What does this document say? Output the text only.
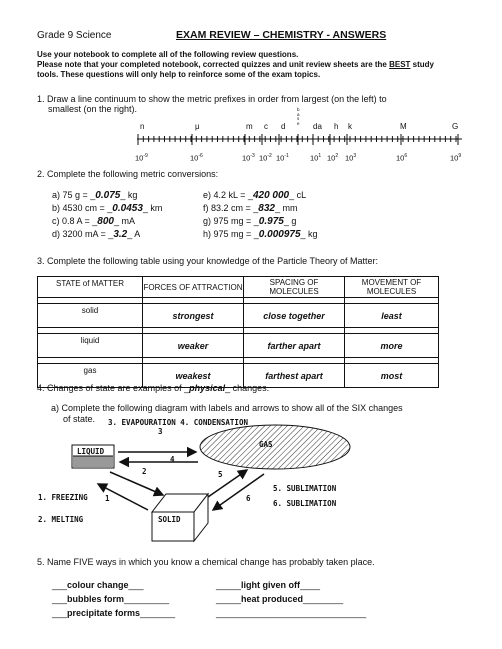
Grade 9 Science	EXAM REVIEW – CHEMISTRY - ANSWERS
Use your notebook to complete all of the following review questions.
Please note that your completed notebook, corrected quizzes and unit review sheets are the BEST study
tools. These questions will only help to reinforce some of the exam topics.
1. Draw a line continuum to show the metric prefixes in order from largest (on the left) to
smallest (on the right).
n	μ	m c d
base da h k	M	G
$10^{-9}$	$10^{-6}$	$10^{-3}$ $10^{-2}$ $10^{-1}$	$10^1$ $10^2$ $10^3$	$10^6$	$10^9$
2. Complete the following metric conversions:
3. Complete the following table using your knowledge of the Particle Theory of Matter:
STATE of MATTER	FORCES OF ATTRACTION	SPACING OF MOLECULES	MOVEMENT OF MOLECULES

solid	strongest	close together	least

liquid	weaker	farther apart	more

gas	weakest	farthest apart	most
4. Changes of state are examples of _physical_ changes.
a) Complete the following diagram with labels and arrows to show all of the SIX changes
of state. 3. EVAPOURATION 4. CONDENSATION
LIQUID
GAS
SOLID
1. FREEZING
2. MELTING
5. SUBLIMATION
6. SUBLIMATION
1
2
3
4
5
6
5. Name FIVE ways in which you know a chemical change has probably taken place.
___colour change___	_____light given off____
___bubbles form_________	_____heat produced________
___precipitate forms_______	______________________________
a) 75 g = _0.075_ kg
b) 4530 cm = _0.0453_ km
c) 0.8 A = _800_ mA
d) 3200 mA = _3.2_ A
e) 4.2 kL = _420 000_ cL
f) 83.2 cm = _832_ mm
g) 975 mg = _0.975_ g
h) 975 mg = _0.000975_ kg
